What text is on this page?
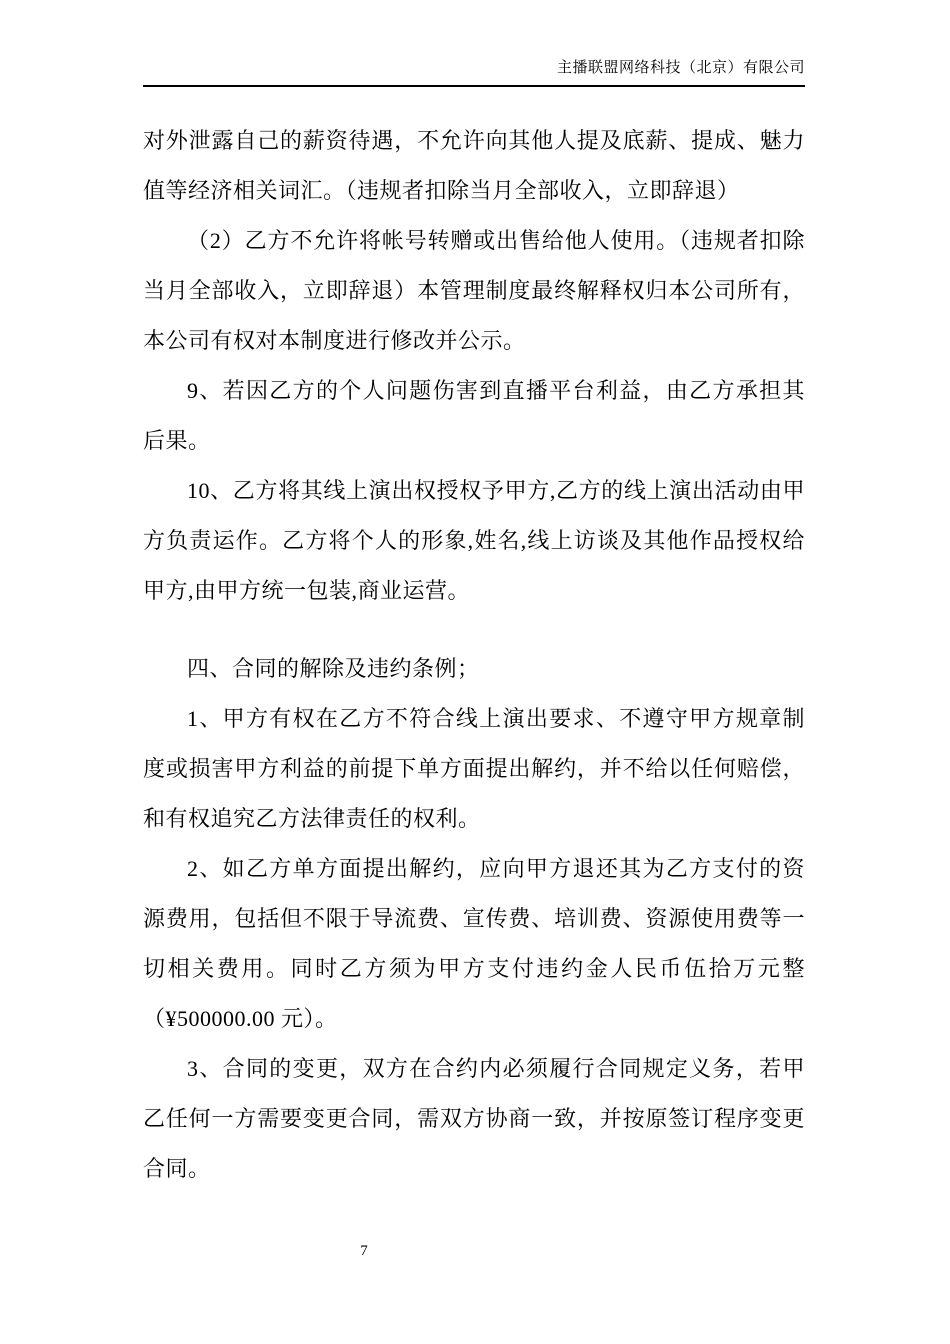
主播联盟网络科技（北京）有限公司

对外泄露自己的薪资待遇，不允许向其他人提及底薪、提成、魅力值等经济相关词汇。（违规者扣除当月全部收入，立即辞退）

（2）乙方不允许将帐号转赠或出售给他人使用。（违规者扣除当月全部收入，立即辞退）本管理制度最终解释权归本公司所有，本公司有权对本制度进行修改并公示。

9、若因乙方的个人问题伤害到直播平台利益，由乙方承担其后果。

10、乙方将其线上演出权授权予甲方,乙方的线上演出活动由甲方负责运作。乙方将个人的形象,姓名,线上访谈及其他作品授权给甲方,由甲方统一包装,商业运营。

四、合同的解除及违约条例；

1、甲方有权在乙方不符合线上演出要求、不遵守甲方规章制度或损害甲方利益的前提下单方面提出解约，并不给以任何赔偿，和有权追究乙方法律责任的权利。

2、如乙方单方面提出解约，应向甲方退还其为乙方支付的资源费用，包括但不限于导流费、宣传费、培训费、资源使用费等一切相关费用。同时乙方须为甲方支付违约金人民币伍拾万元整（¥500000.00 元）。

3、合同的变更，双方在合约内必须履行合同规定义务，若甲乙任何一方需要变更合同，需双方协商一致，并按原签订程序变更合同。

7
